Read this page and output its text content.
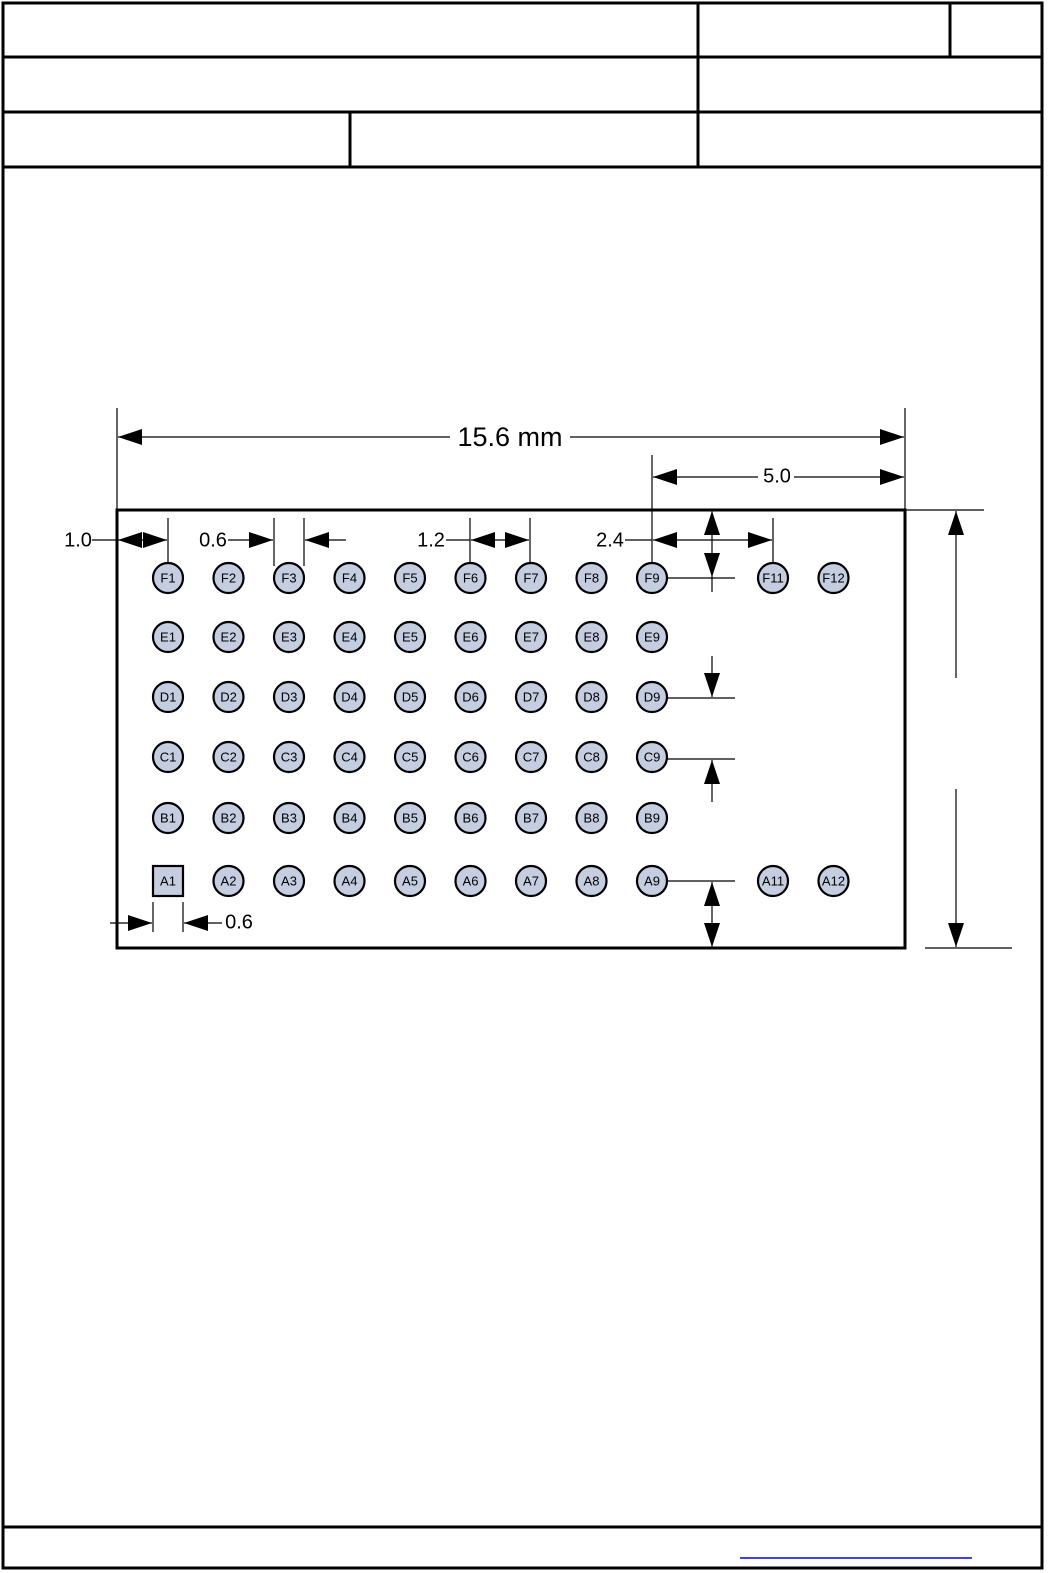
15.6 mm
5.0
1.0	0.6	1.2	2.4
0.6
F1	F2	F3	F4	F5	F6	F7	F8	F9	F11	F12
E1	E2	E3	E4	E5	E6	E7	E8	E9
D1	D2	D3	D4	D5	D6	D7	D8	D9
C1	C2	C3	C4	C5	C6	C7	C8	C9
B1	B2	B3	B4	B5	B6	B7	B8	B9
A1	A2	A3	A4	A5	A6	A7	A8	A9	A11	A12
